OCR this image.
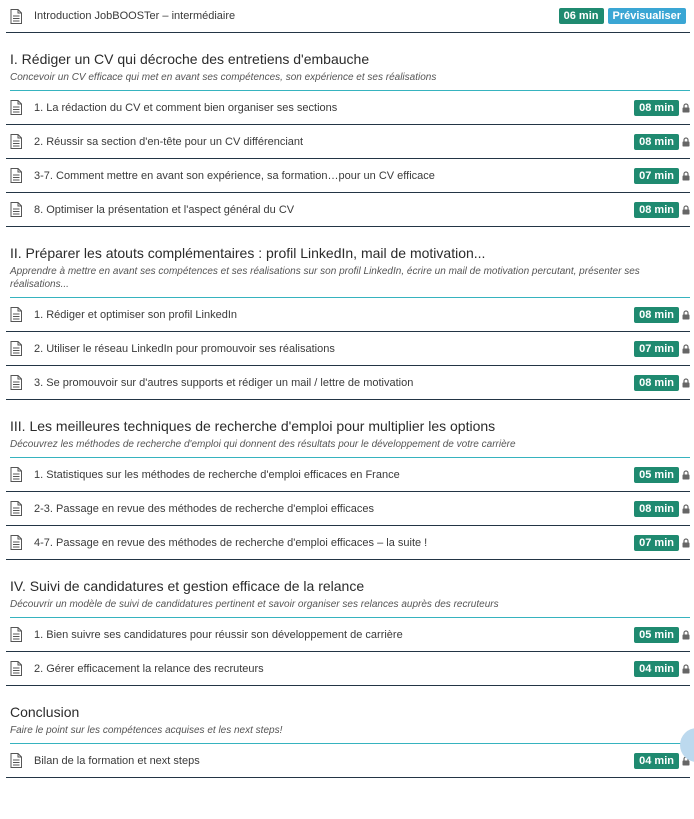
Introduction JobBOOSTer – intermédiaire	06 min	Prévisualiser
I. Rédiger un CV qui décroche des entretiens d'embauche
Concevoir un CV efficace qui met en avant ses compétences, son expérience et ses réalisations
1. La rédaction du CV et comment bien organiser ses sections	08 min
2. Réussir sa section d'en-tête pour un CV différenciant	08 min
3-7. Comment mettre en avant son expérience, sa formation…pour un CV efficace	07 min
8. Optimiser la présentation et l'aspect général du CV	08 min
II. Préparer les atouts complémentaires : profil LinkedIn, mail de motivation...
Apprendre à mettre en avant ses compétences et ses réalisations sur son profil LinkedIn, écrire un mail de motivation percutant, présenter ses réalisations...
1. Rédiger et optimiser son profil LinkedIn	08 min
2. Utiliser le réseau LinkedIn pour promouvoir ses réalisations	07 min
3. Se promouvoir sur d'autres supports et rédiger un mail / lettre de motivation	08 min
III. Les meilleures techniques de recherche d'emploi pour multiplier les options
Découvrez les méthodes de recherche d'emploi qui donnent des résultats pour le développement de votre carrière
1. Statistiques sur les méthodes de recherche d'emploi efficaces en France	05 min
2-3. Passage en revue des méthodes de recherche d'emploi efficaces	08 min
4-7. Passage en revue des méthodes de recherche d'emploi efficaces – la suite !	07 min
IV. Suivi de candidatures et gestion efficace de la relance
Découvrir un modèle de suivi de candidatures pertinent et savoir organiser ses relances auprès des recruteurs
1. Bien suivre ses candidatures pour réussir son développement de carrière	05 min
2. Gérer efficacement la relance des recruteurs	04 min
Conclusion
Faire le point sur les compétences acquises et les next steps!
Bilan de la formation et next steps	04 min
